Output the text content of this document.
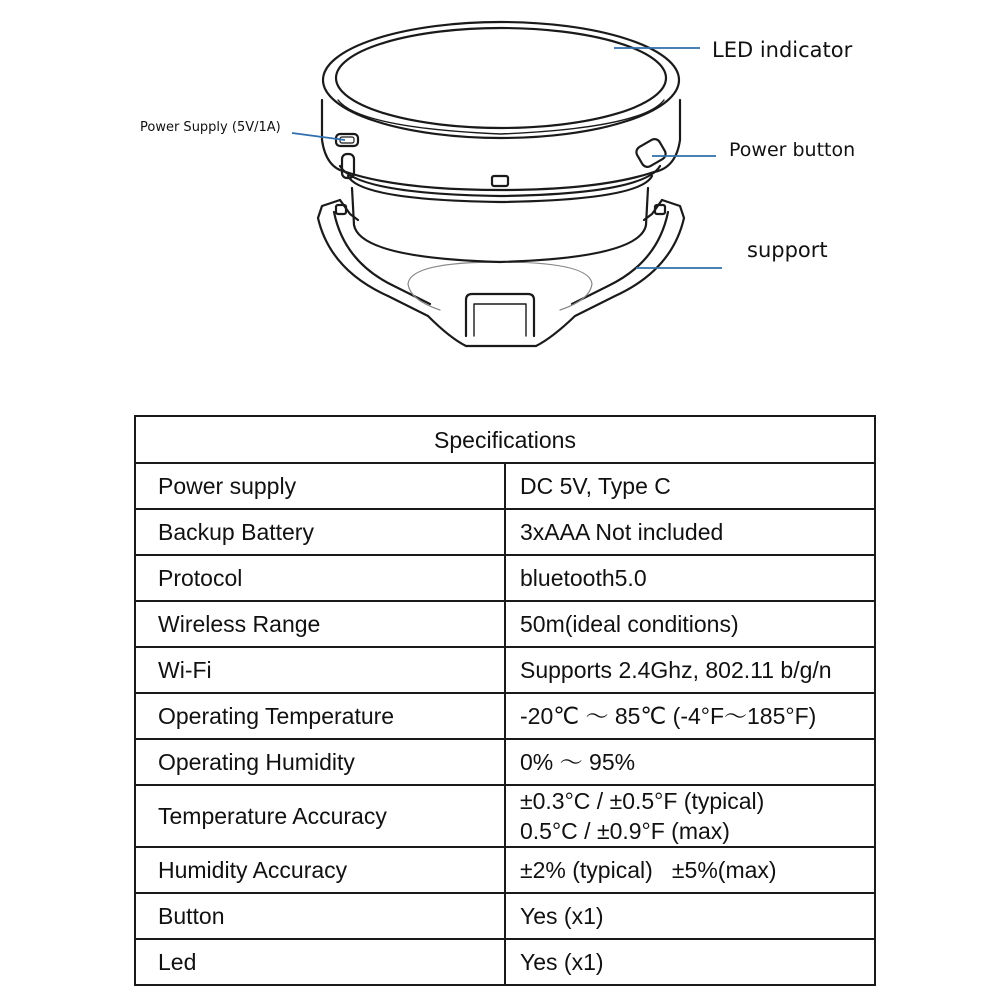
LED indicator
Power button
support
Power Supply (5V/1A)
Specifications	
Power supply	DC 5V, Type C
Backup Battery	3xAAA Not included
Protocol	bluetooth5.0
Wireless Range	50m(ideal conditions)
Wi-Fi	Supports 2.4Ghz, 802.11 b/g/n
Operating Temperature	-20℃ ～ 85℃ (-4°F～185°F)
Operating Humidity	0% ～ 95%
Temperature Accuracy	±0.3°C / ±0.5°F (typical)
0.5°C / ±0.9°F (max)

Humidity Accuracy	±2% (typical)   ±5%(max)
Button	Yes (x1)
Led	Yes (x1)
